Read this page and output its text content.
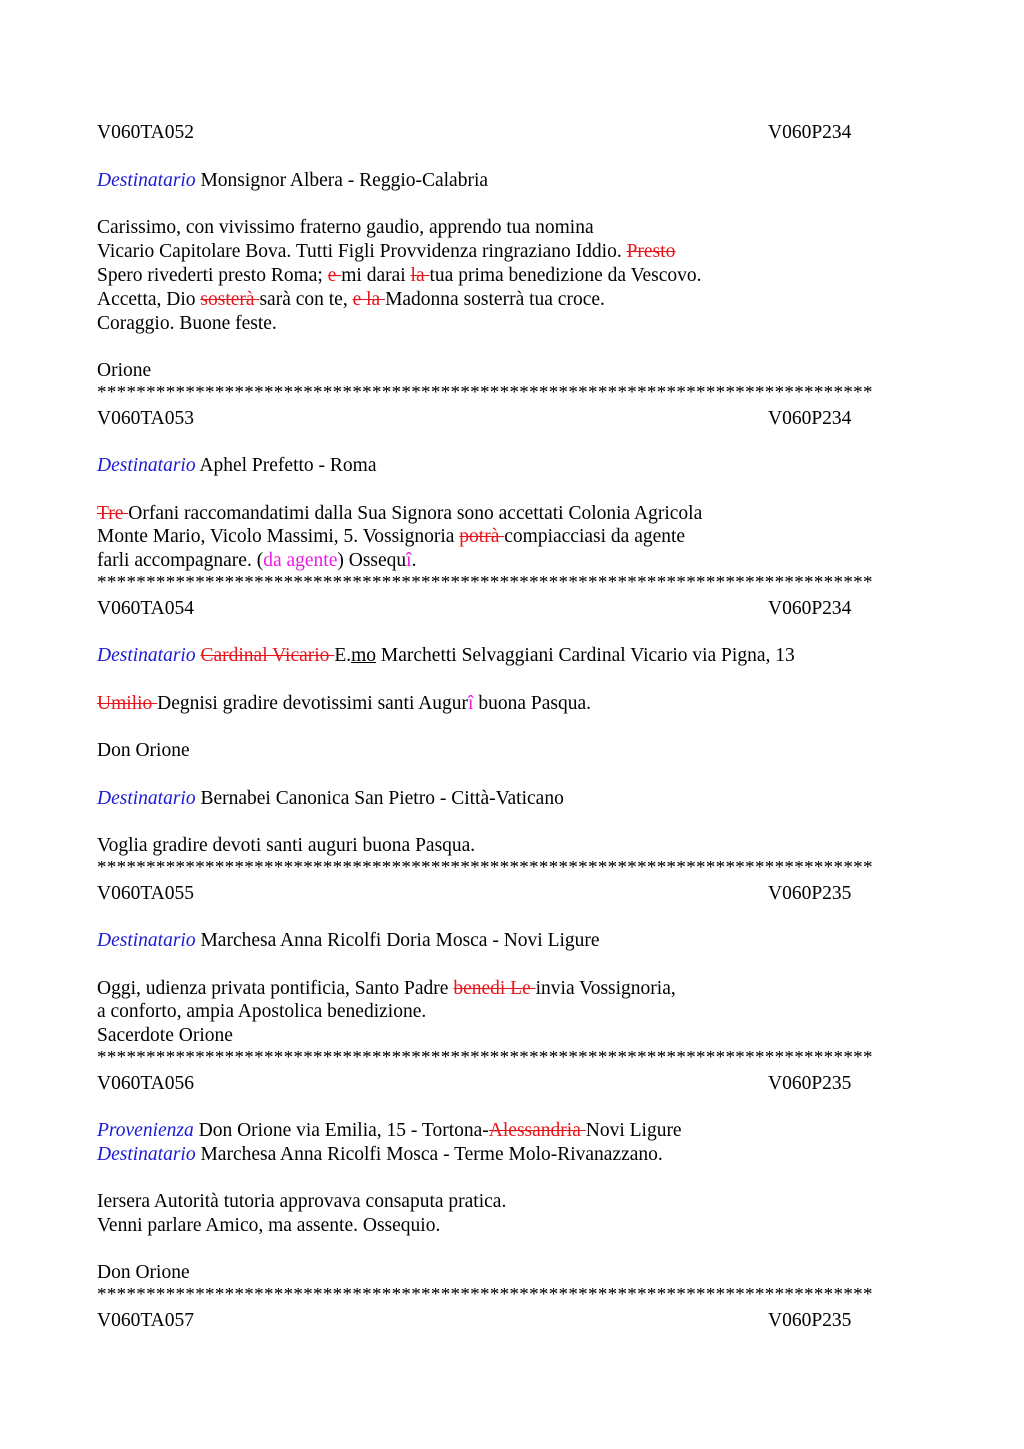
V060TA052	V060P234
Destinatario Monsignor Albera - Reggio-Calabria
Carissimo, con vivissimo fraterno gaudio, apprendo tua nomina
Vicario Capitolare Bova. Tutti Figli Provvidenza ringraziano Iddio. Presto
Spero rivederti presto Roma; e mi darai la tua prima benedizione da Vescovo.
Accetta, Dio sosterà sarà con te, e la Madonna sosterrà tua croce.
Coraggio. Buone feste.
Orione
*******************************************************************************
V060TA053	V060P234
Destinatario Aphel Prefetto - Roma
Tre Orfani raccomandatimi dalla Sua Signora sono accettati Colonia Agricola
Monte Mario, Vicolo Massimi, 5. Vossignoria potrà compiacciasi da agente
farli accompagnare. (da agente) Ossequî.
*******************************************************************************
V060TA054	V060P234
Destinatario Cardinal Vicario E.mo Marchetti Selvaggiani Cardinal Vicario via Pigna, 13
Umilio Degnisi gradire devotissimi santi Augurî buona Pasqua.
Don Orione
Destinatario Bernabei Canonica San Pietro - Città-Vaticano
Voglia gradire devoti santi auguri buona Pasqua.
*******************************************************************************
V060TA055	V060P235
Destinatario Marchesa Anna Ricolfi Doria Mosca - Novi Ligure
Oggi, udienza privata pontificia, Santo Padre benedi Le invia Vossignoria,
a conforto, ampia Apostolica benedizione.
Sacerdote Orione
*******************************************************************************
V060TA056	V060P235
Provenienza Don Orione via Emilia, 15 - Tortona-Alessandria Novi Ligure
Destinatario Marchesa Anna Ricolfi Mosca - Terme Molo-Rivanazzano.
Iersera Autorità tutoria approvava consaputa pratica.
Venni parlare Amico, ma assente. Ossequio.
Don Orione
*******************************************************************************
V060TA057	V060P235
